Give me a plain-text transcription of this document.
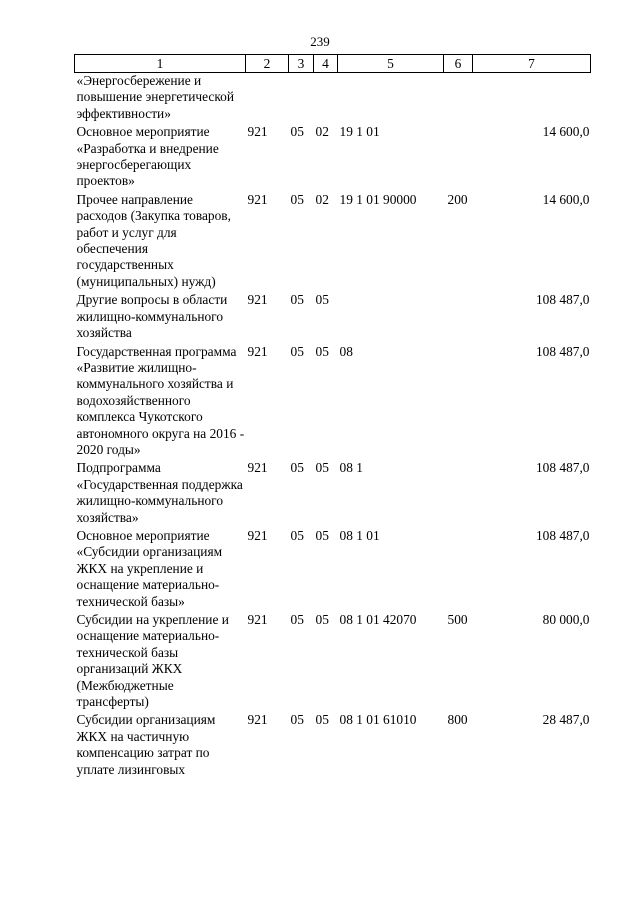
239
1	2	3	4	5	6	7
«Энергосбережение и повышение энергетической эффективности»						
Основное мероприятие «Разработка и внедрение энергосберегающих проектов»	921	05	02	19 1 01		14 600,0
Прочее направление расходов (Закупка товаров, работ и услуг для обеспечения государственных (муниципальных) нужд)	921	05	02	19 1 01 90000	200	14 600,0
Другие вопросы в области жилищно-коммунального хозяйства	921	05	05			108 487,0
Государственная программа «Развитие жилищно-коммунального хозяйства и водохозяйственного комплекса Чукотского автономного округа на 2016 - 2020 годы»	921	05	05	08		108 487,0
Подпрограмма «Государственная поддержка жилищно-коммунального хозяйства»	921	05	05	08 1		108 487,0
Основное мероприятие «Субсидии организациям ЖКХ на укрепление и оснащение материально-технической базы»	921	05	05	08 1 01		108 487,0
Субсидии на укрепление и оснащение материально-технической базы организаций ЖКХ (Межбюджетные трансферты)	921	05	05	08 1 01 42070	500	80 000,0
Субсидии организациям ЖКХ на частичную компенсацию затрат по уплате лизинговых	921	05	05	08 1 01 61010	800	28 487,0
